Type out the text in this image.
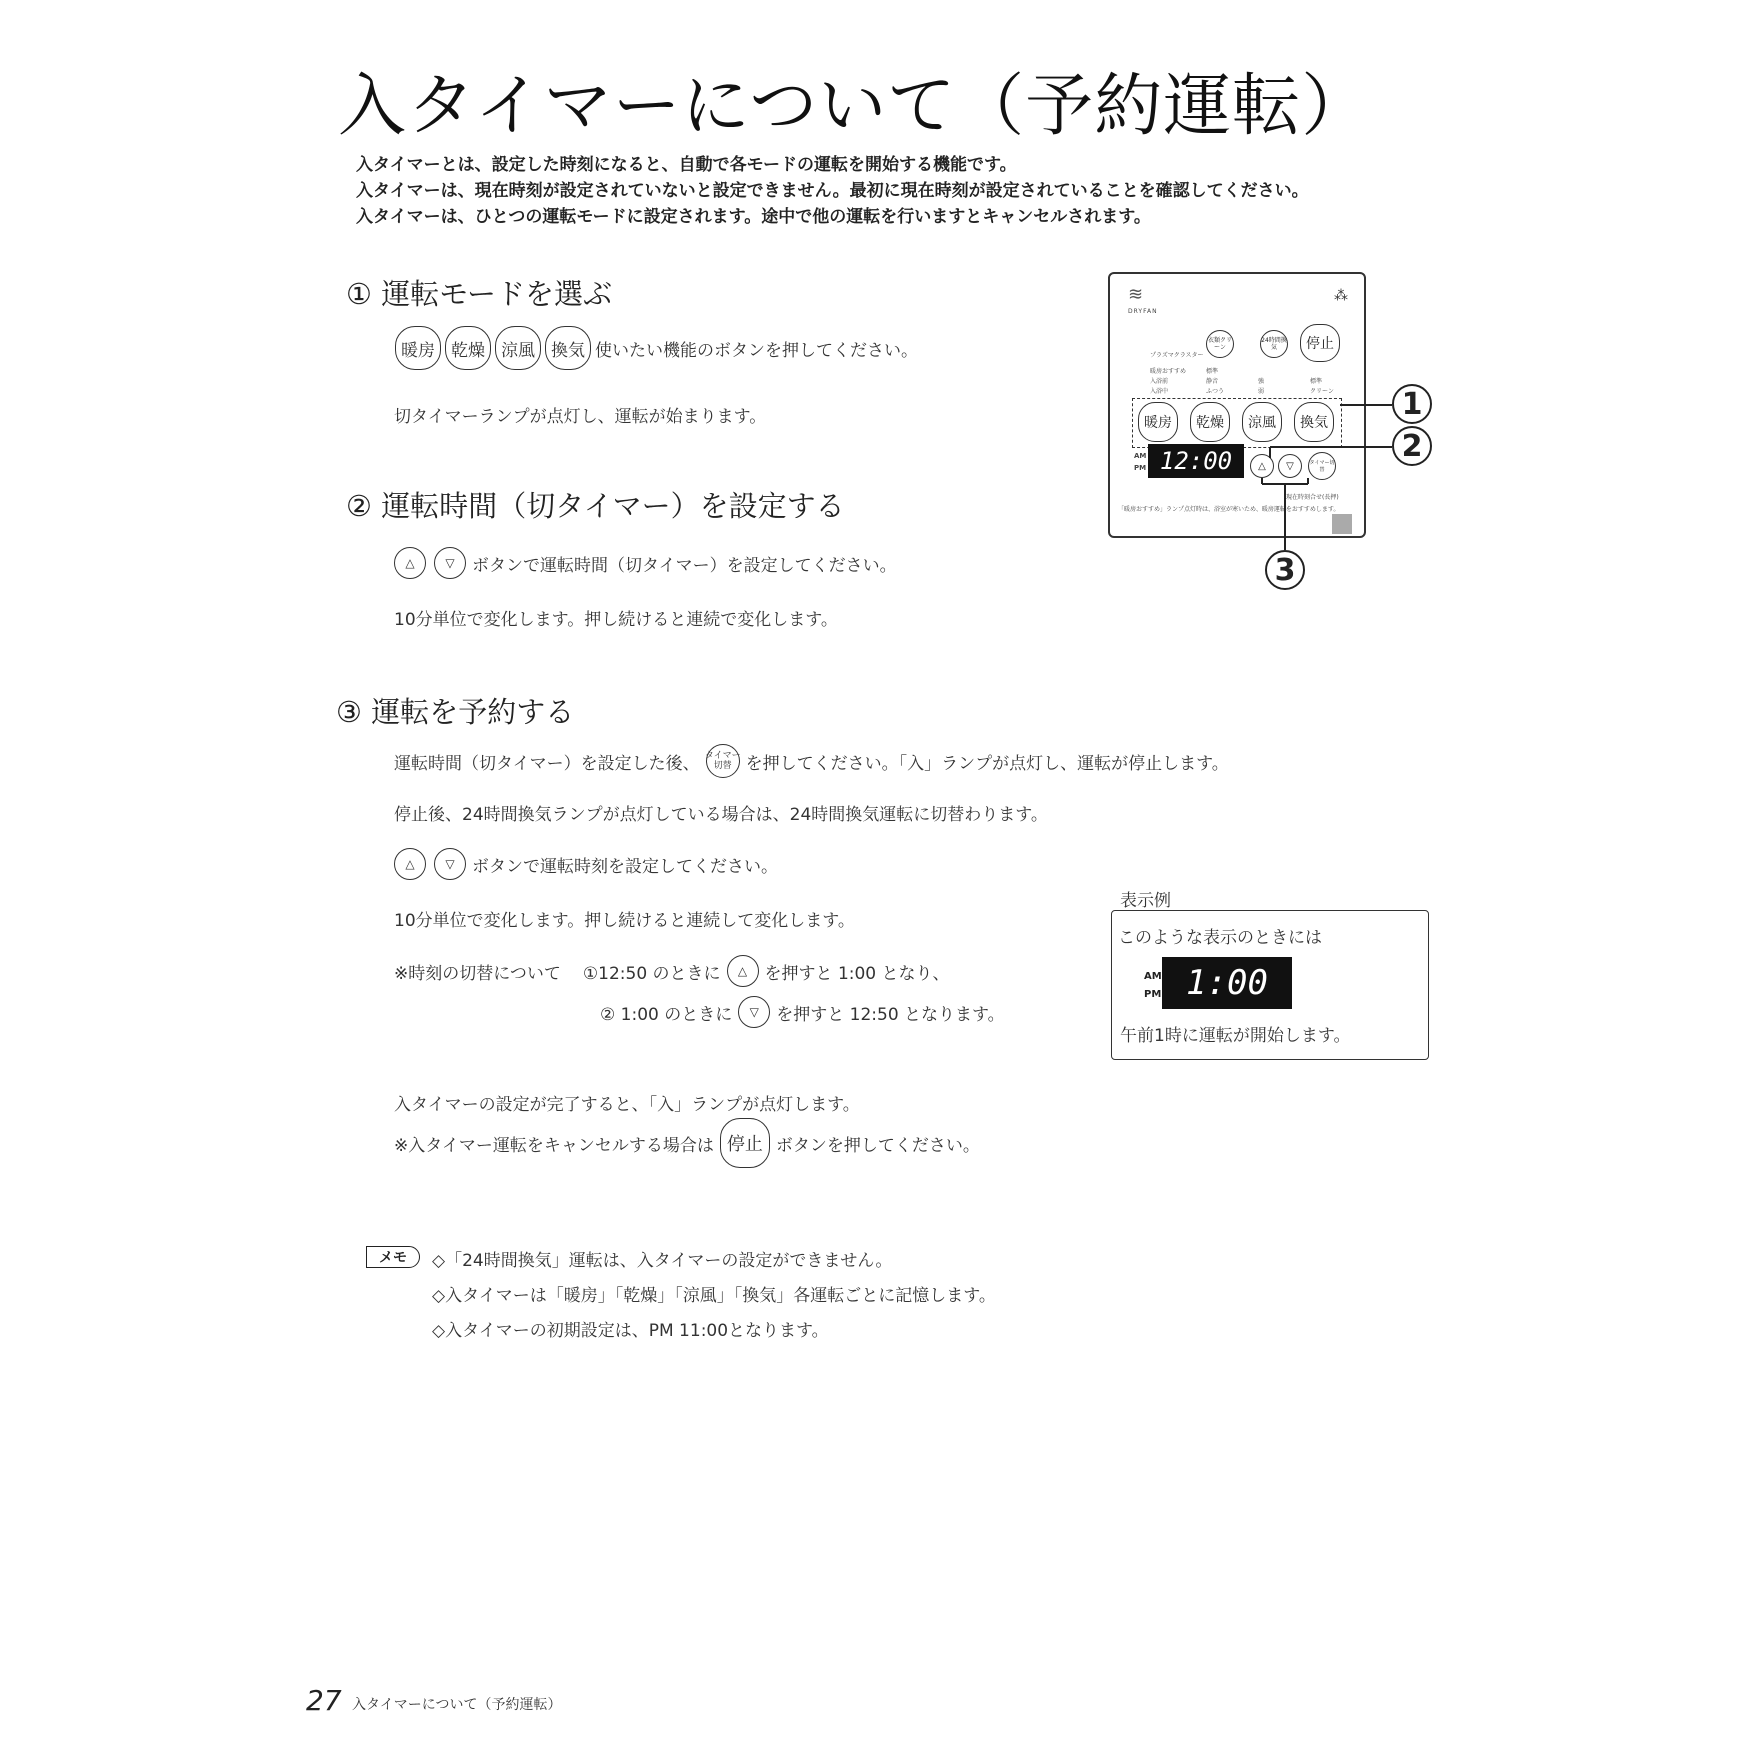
入タイマーについて（予約運転）
入タイマーとは、設定した時刻になると、自動で各モードの運転を開始する機能です。
入タイマーは、現在時刻が設定されていないと設定できません。最初に現在時刻が設定されていることを確認してください。
入タイマーは、ひとつの運転モードに設定されます。途中で他の運転を行いますとキャンセルされます。
① 運転モードを選ぶ
暖房 乾燥 涼風 換気 使いたい機能のボタンを押してください。
切タイマーランプが点灯し、運転が始まります。
② 運転時間（切タイマー）を設定する
△	▽	ボタンで運転時間（切タイマー）を設定してください。
10分単位で変化します。押し続けると連続で変化します。
③ 運転を予約する
運転時間（切タイマー）を設定した後、 タイマー
切替 を押してください。「入」ランプが点灯し、運転が停止します。
停止後、24時間換気ランプが点灯している場合は、24時間換気運転に切替わります。
△	▽	ボタンで運転時刻を設定してください。
10分単位で変化します。押し続けると連続して変化します。
※時刻の切替について ①12:50 のときに	△	を押すと 1:00 となり、
② 1:00 のときに	▽	を押すと 12:50 となります。
入タイマーの設定が完了すると、「入」ランプが点灯します。
※入タイマー運転をキャンセルする場合は 停止 ボタンを押してください。
表示例
このような表示のときには
AM
PM 1:00
午前1時に運転が開始します。
メモ	◇「24時間換気」運転は、入タイマーの設定ができません。
◇入タイマーは「暖房」「乾燥」「涼風」「換気」各運転ごとに記憶します。
◇入タイマーの初期設定は、PM 11:00となります。
≋
DRYFAN
⁂
衣類クリーン
24時間換気	停止
プラズマクラスター
暖房おすすめ
入浴前
入浴中
標準
静音
ふつう
強
弱
標準
クリーン
暖房	乾燥	涼風	換気
AM
PM 12:00	△	▽	タイマー切替
現在時刻合せ(長押)
「暖房おすすめ」ランプ点灯時は、浴室が寒いため、暖房運転をおすすめします。
1
2
3
27 入タイマーについて（予約運転）
